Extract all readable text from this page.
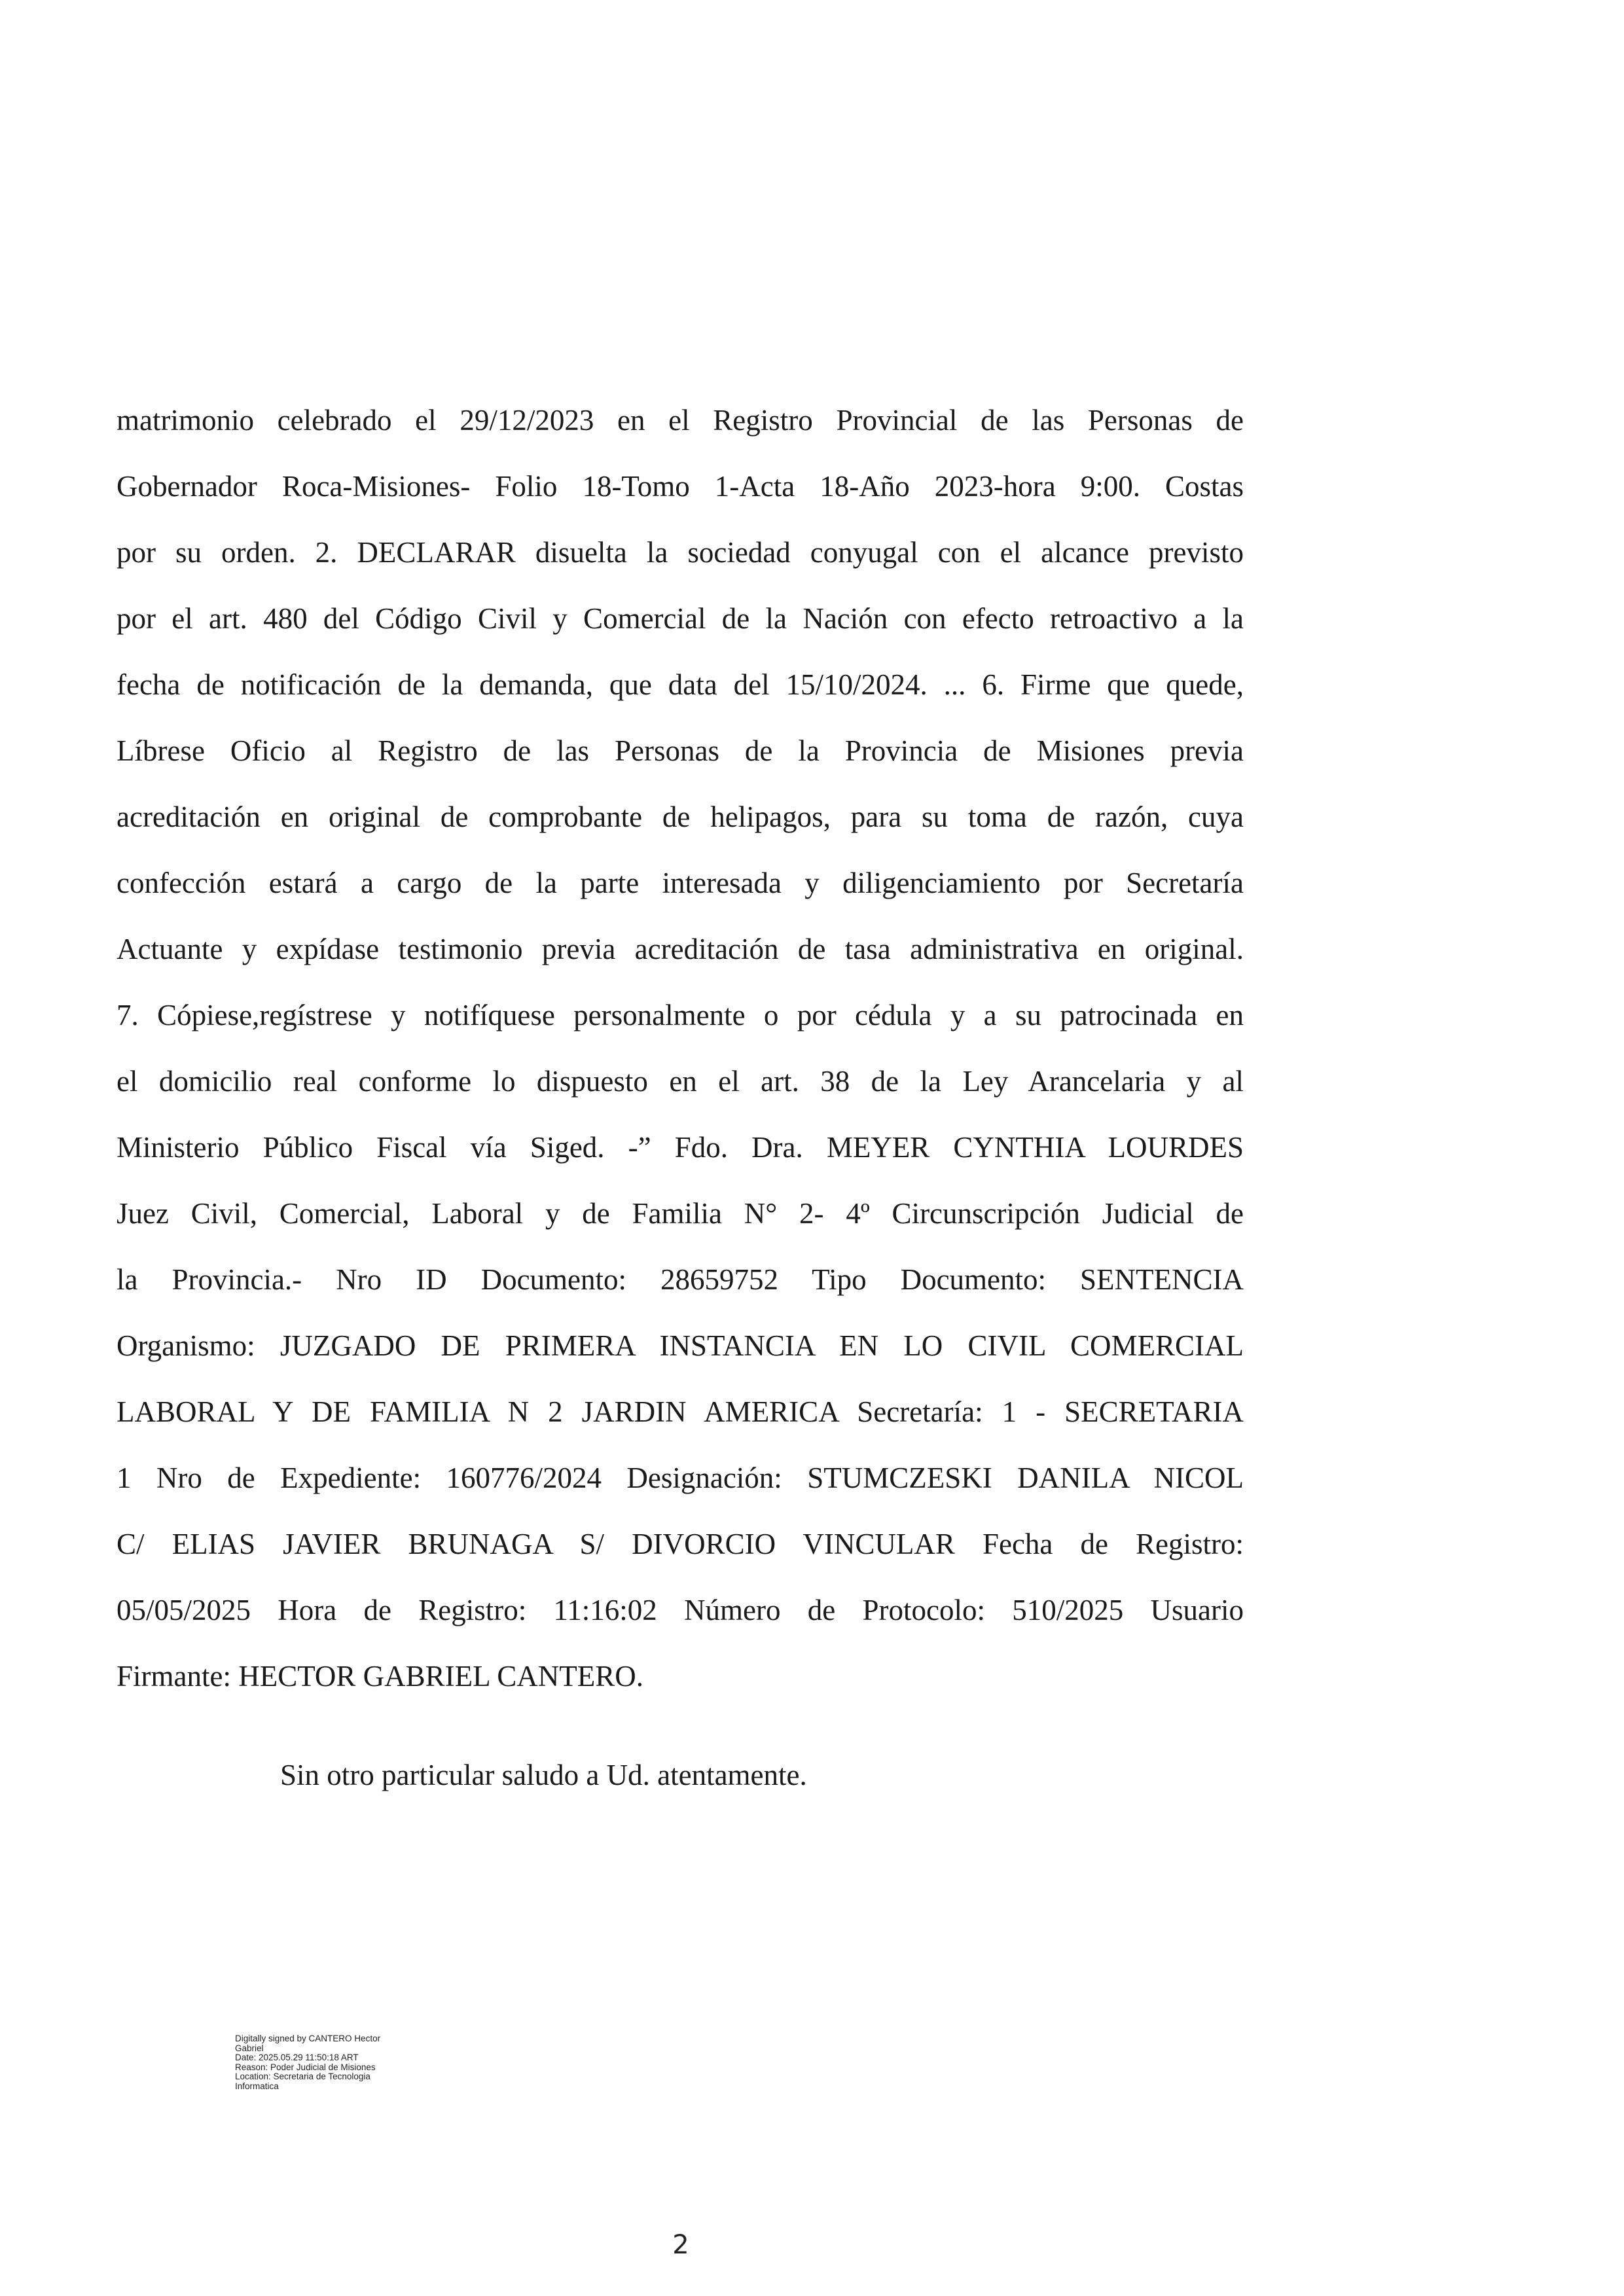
matrimonio celebrado el 29/12/2023 en el Registro Provincial de las Personas de
Gobernador Roca-Misiones- Folio 18-Tomo 1-Acta 18-Año 2023-hora 9:00. Costas
por su orden. 2. DECLARAR disuelta la sociedad conyugal con el alcance previsto
por el art. 480 del Código Civil y Comercial de la Nación con efecto retroactivo a la
fecha de notificación de la demanda, que data del 15/10/2024. ... 6. Firme que quede,
Líbrese Oficio al Registro de las Personas de la Provincia de Misiones previa
acreditación en original de comprobante de helipagos, para su toma de razón, cuya
confección estará a cargo de la parte interesada y diligenciamiento por Secretaría
Actuante y expídase testimonio previa acreditación de tasa administrativa en original.
7. Cópiese,regístrese y notifíquese personalmente o por cédula y a su patrocinada en
el domicilio real conforme lo dispuesto en el art. 38 de la Ley Arancelaria y al
Ministerio Público Fiscal vía Siged. -” Fdo. Dra. MEYER CYNTHIA LOURDES
Juez Civil, Comercial, Laboral y de Familia N° 2- 4º Circunscripción Judicial de
la Provincia.- Nro ID Documento: 28659752 Tipo Documento: SENTENCIA
Organismo: JUZGADO DE PRIMERA INSTANCIA EN LO CIVIL COMERCIAL
LABORAL Y DE FAMILIA N 2 JARDIN AMERICA Secretaría: 1 - SECRETARIA
1 Nro de Expediente: 160776/2024 Designación: STUMCZESKI DANILA NICOL
C/ ELIAS JAVIER BRUNAGA S/ DIVORCIO VINCULAR Fecha de Registro:
05/05/2025 Hora de Registro: 11:16:02 Número de Protocolo: 510/2025 Usuario
Firmante: HECTOR GABRIEL CANTERO.

Sin otro particular saludo a Ud. atentamente.

Digitally signed by CANTERO Hector
Gabriel
Date: 2025.05.29 11:50:18 ART
Reason: Poder Judicial de Misiones
Location: Secretaria de Tecnologia
Informatica

2
